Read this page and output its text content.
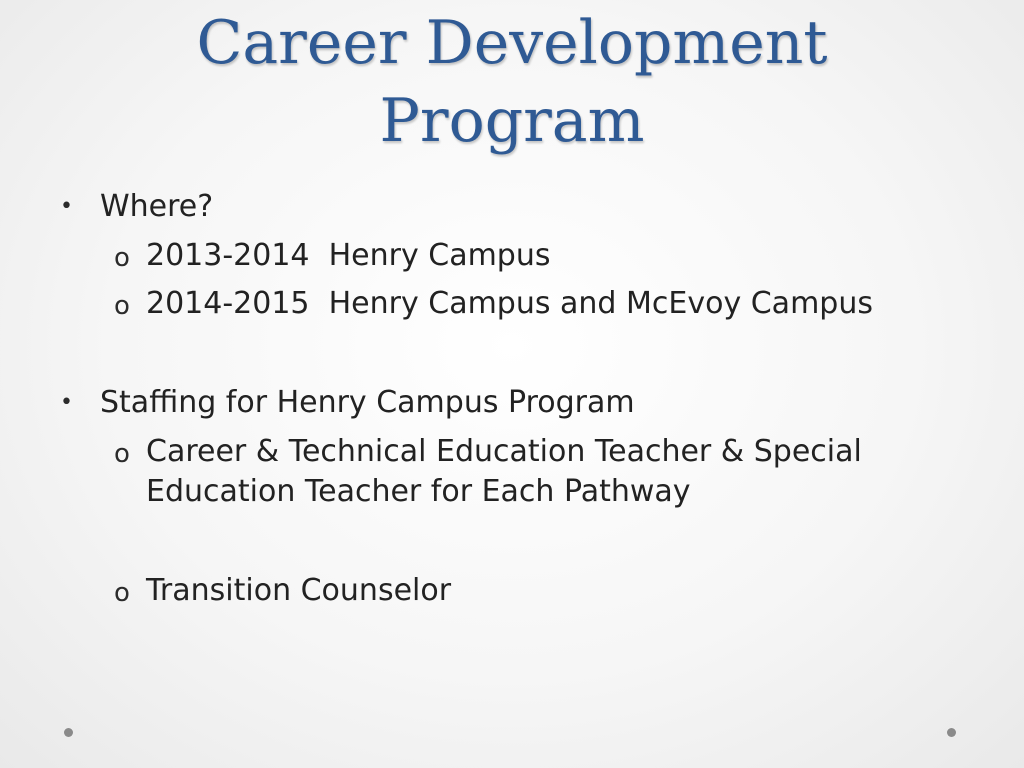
Career Development
Program
• Where?
o 2013-2014  Henry Campus
o 2014-2015  Henry Campus and McEvoy Campus
• Staffing for Henry Campus Program
o Career & Technical Education Teacher & Special Education Teacher for Each Pathway
o Transition Counselor
